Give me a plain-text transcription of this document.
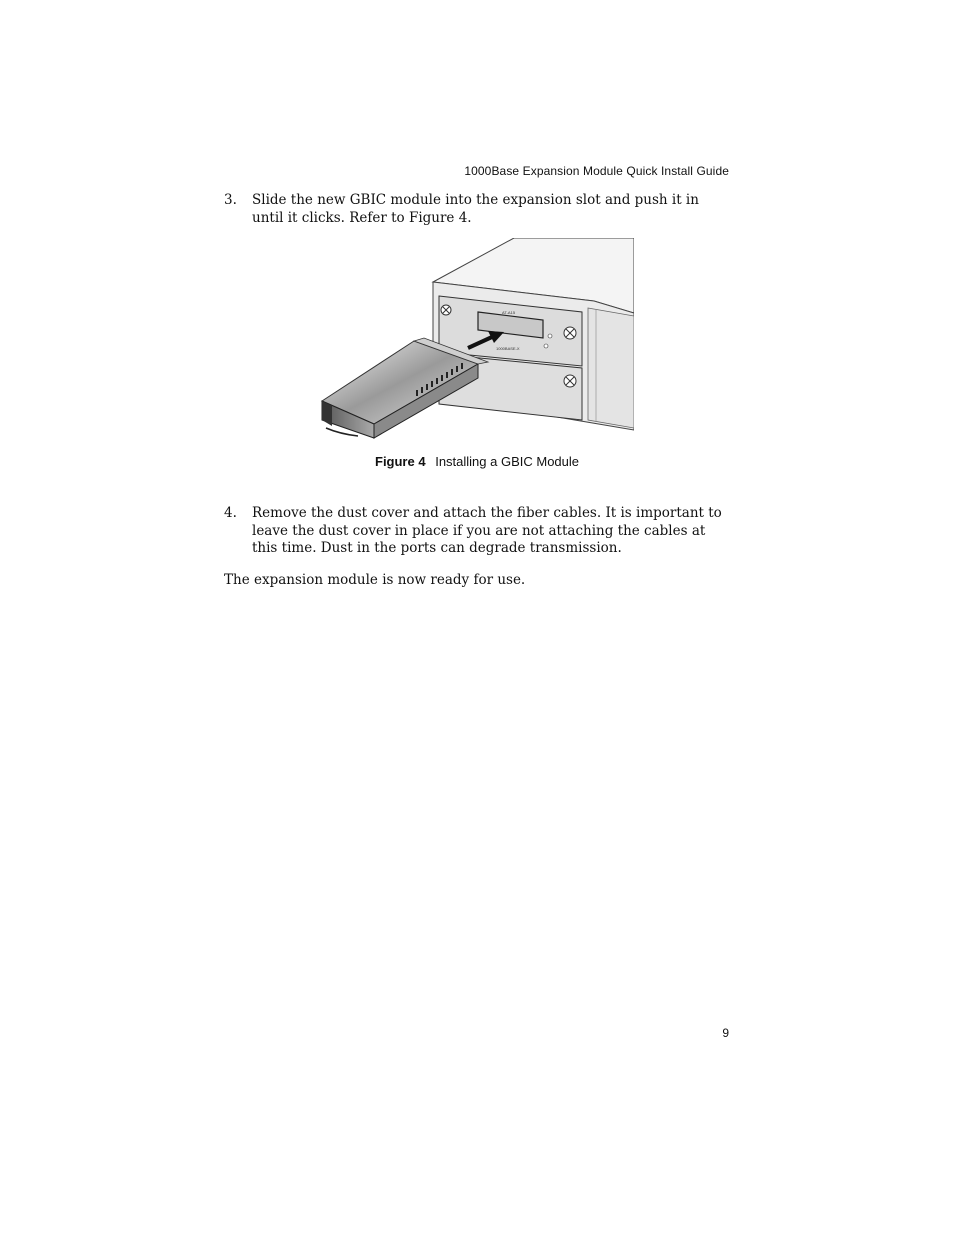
1000Base Expansion Module Quick Install Guide
3. Slide the new GBIC module into the expansion slot and push it in until it clicks. Refer to Figure 4.
AT-A15
1000BASE-X
Figure 4 Installing a GBIC Module
4. Remove the dust cover and attach the fiber cables. It is important to leave the dust cover in place if you are not attaching the cables at this time. Dust in the ports can degrade transmission.
The expansion module is now ready for use.
9
